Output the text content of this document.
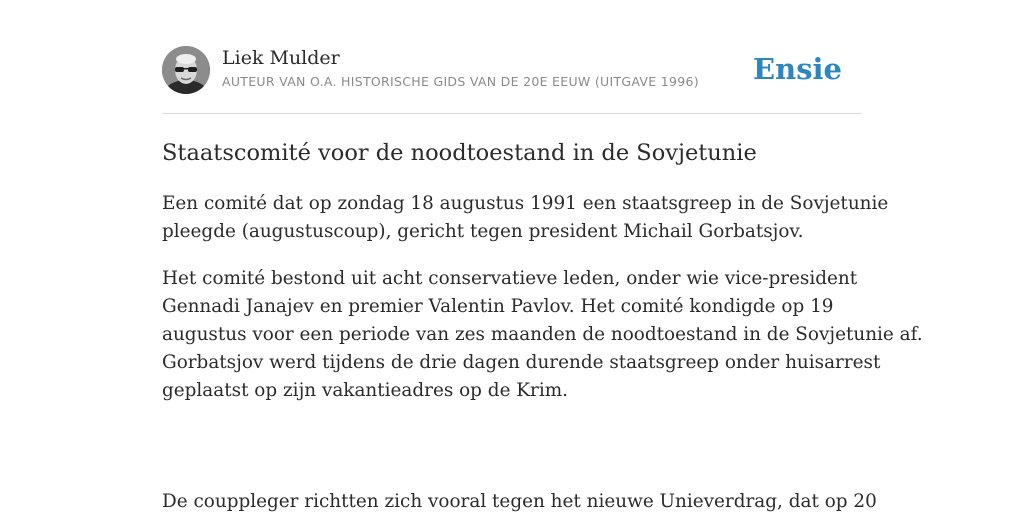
Liek Mulder
AUTEUR VAN O.A. HISTORISCHE GIDS VAN DE 20E EEUW (UITGAVE 1996) Ensie
Staatscomité voor de noodtoestand in de Sovjetunie

Een comité dat op zondag 18 augustus 1991 een staatsgreep in de Sovjetunie
pleegde (augustuscoup), gericht tegen president Michail Gorbatsjov.

Het comité bestond uit acht conservatieve leden, onder wie vice-president
Gennadi Janajev en premier Valentin Pavlov. Het comité kondigde op 19
augustus voor een periode van zes maanden de noodtoestand in de Sovjetunie af.
Gorbatsjov werd tijdens de drie dagen durende staatsgreep onder huisarrest
geplaatst op zijn vakantieadres op de Krim.

De couppleger richtten zich vooral tegen het nieuwe Unieverdrag, dat op 20
